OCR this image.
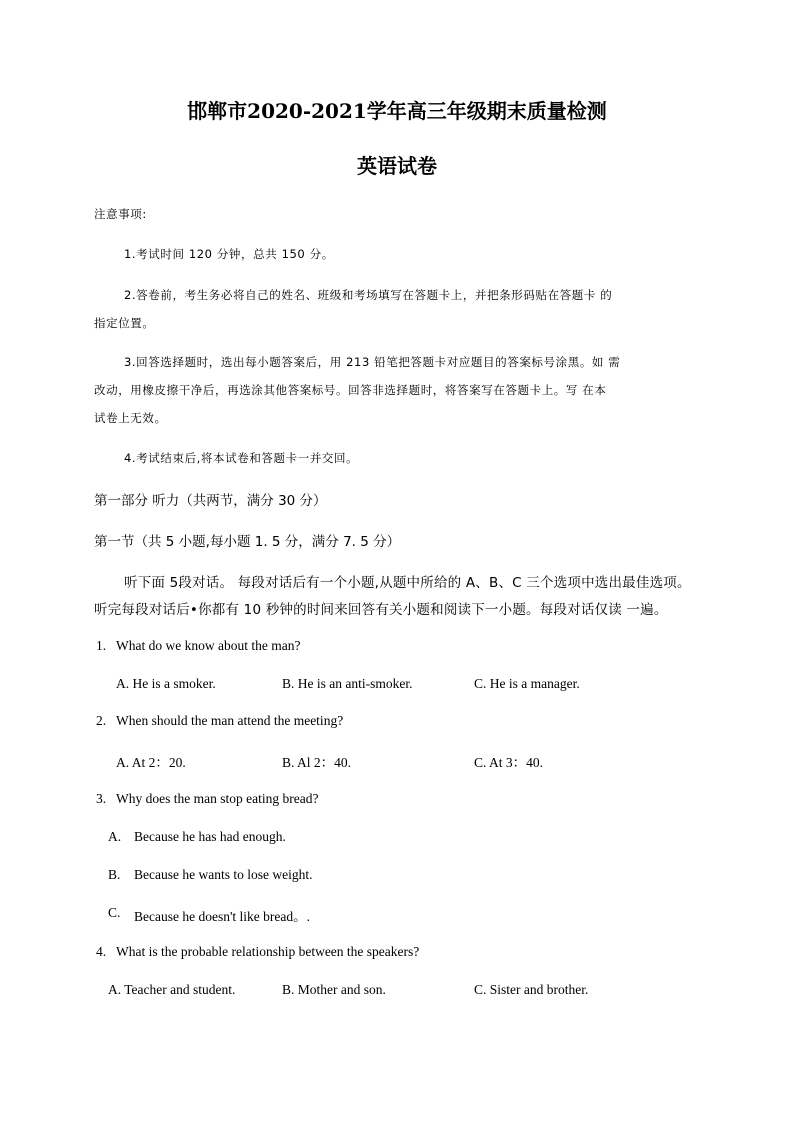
邯郸市2020-2021学年高三年级期末质量检测
英语试卷
注意事项:
1.考试时间 120 分钟，总共 150 分。
2.答卷前，考生务必将自己的姓名、班级和考场填写在答题卡上，并把条形码贴在答题卡 的
指定位置。
3.回答选择题时，选出每小题答案后，用 213 铅笔把答题卡对应题目的答案标号涂黑。如 需
改动，用橡皮擦干净后，再选涂其他答案标号。回答非选择题时，将答案写在答题卡上。写 在本
试卷上无效。
4.考试结束后,将本试卷和答题卡一并交回。
第一部分 听力（共两节，满分 30 分）
第一节（共 5 小题,每小题 1. 5 分，满分 7. 5 分）
听下面 5段对话。 每段对话后有一个小题,从题中所给的 A、B、C 三个选项中选出最佳选项。
听完每段对话后•你都有 10 秒钟的时间来回答有关小题和阅读下一小题。每段对话仅读 一遍。
1. What do we know about the man?
A. He is a smoker.	B. He is an anti-smoker.	C. He is a manager.
2. When should the man attend the meeting?
A. At 2：20.	B. Al 2：40.	C. At 3：40.
3. Why does the man stop eating bread?
A. Because he has had enough.
B. Because he wants to lose weight.
C. Because he doesn't like bread。.
4. What is the probable relationship between the speakers?
A. Teacher and student.	B. Mother and son.	C. Sister and brother.
